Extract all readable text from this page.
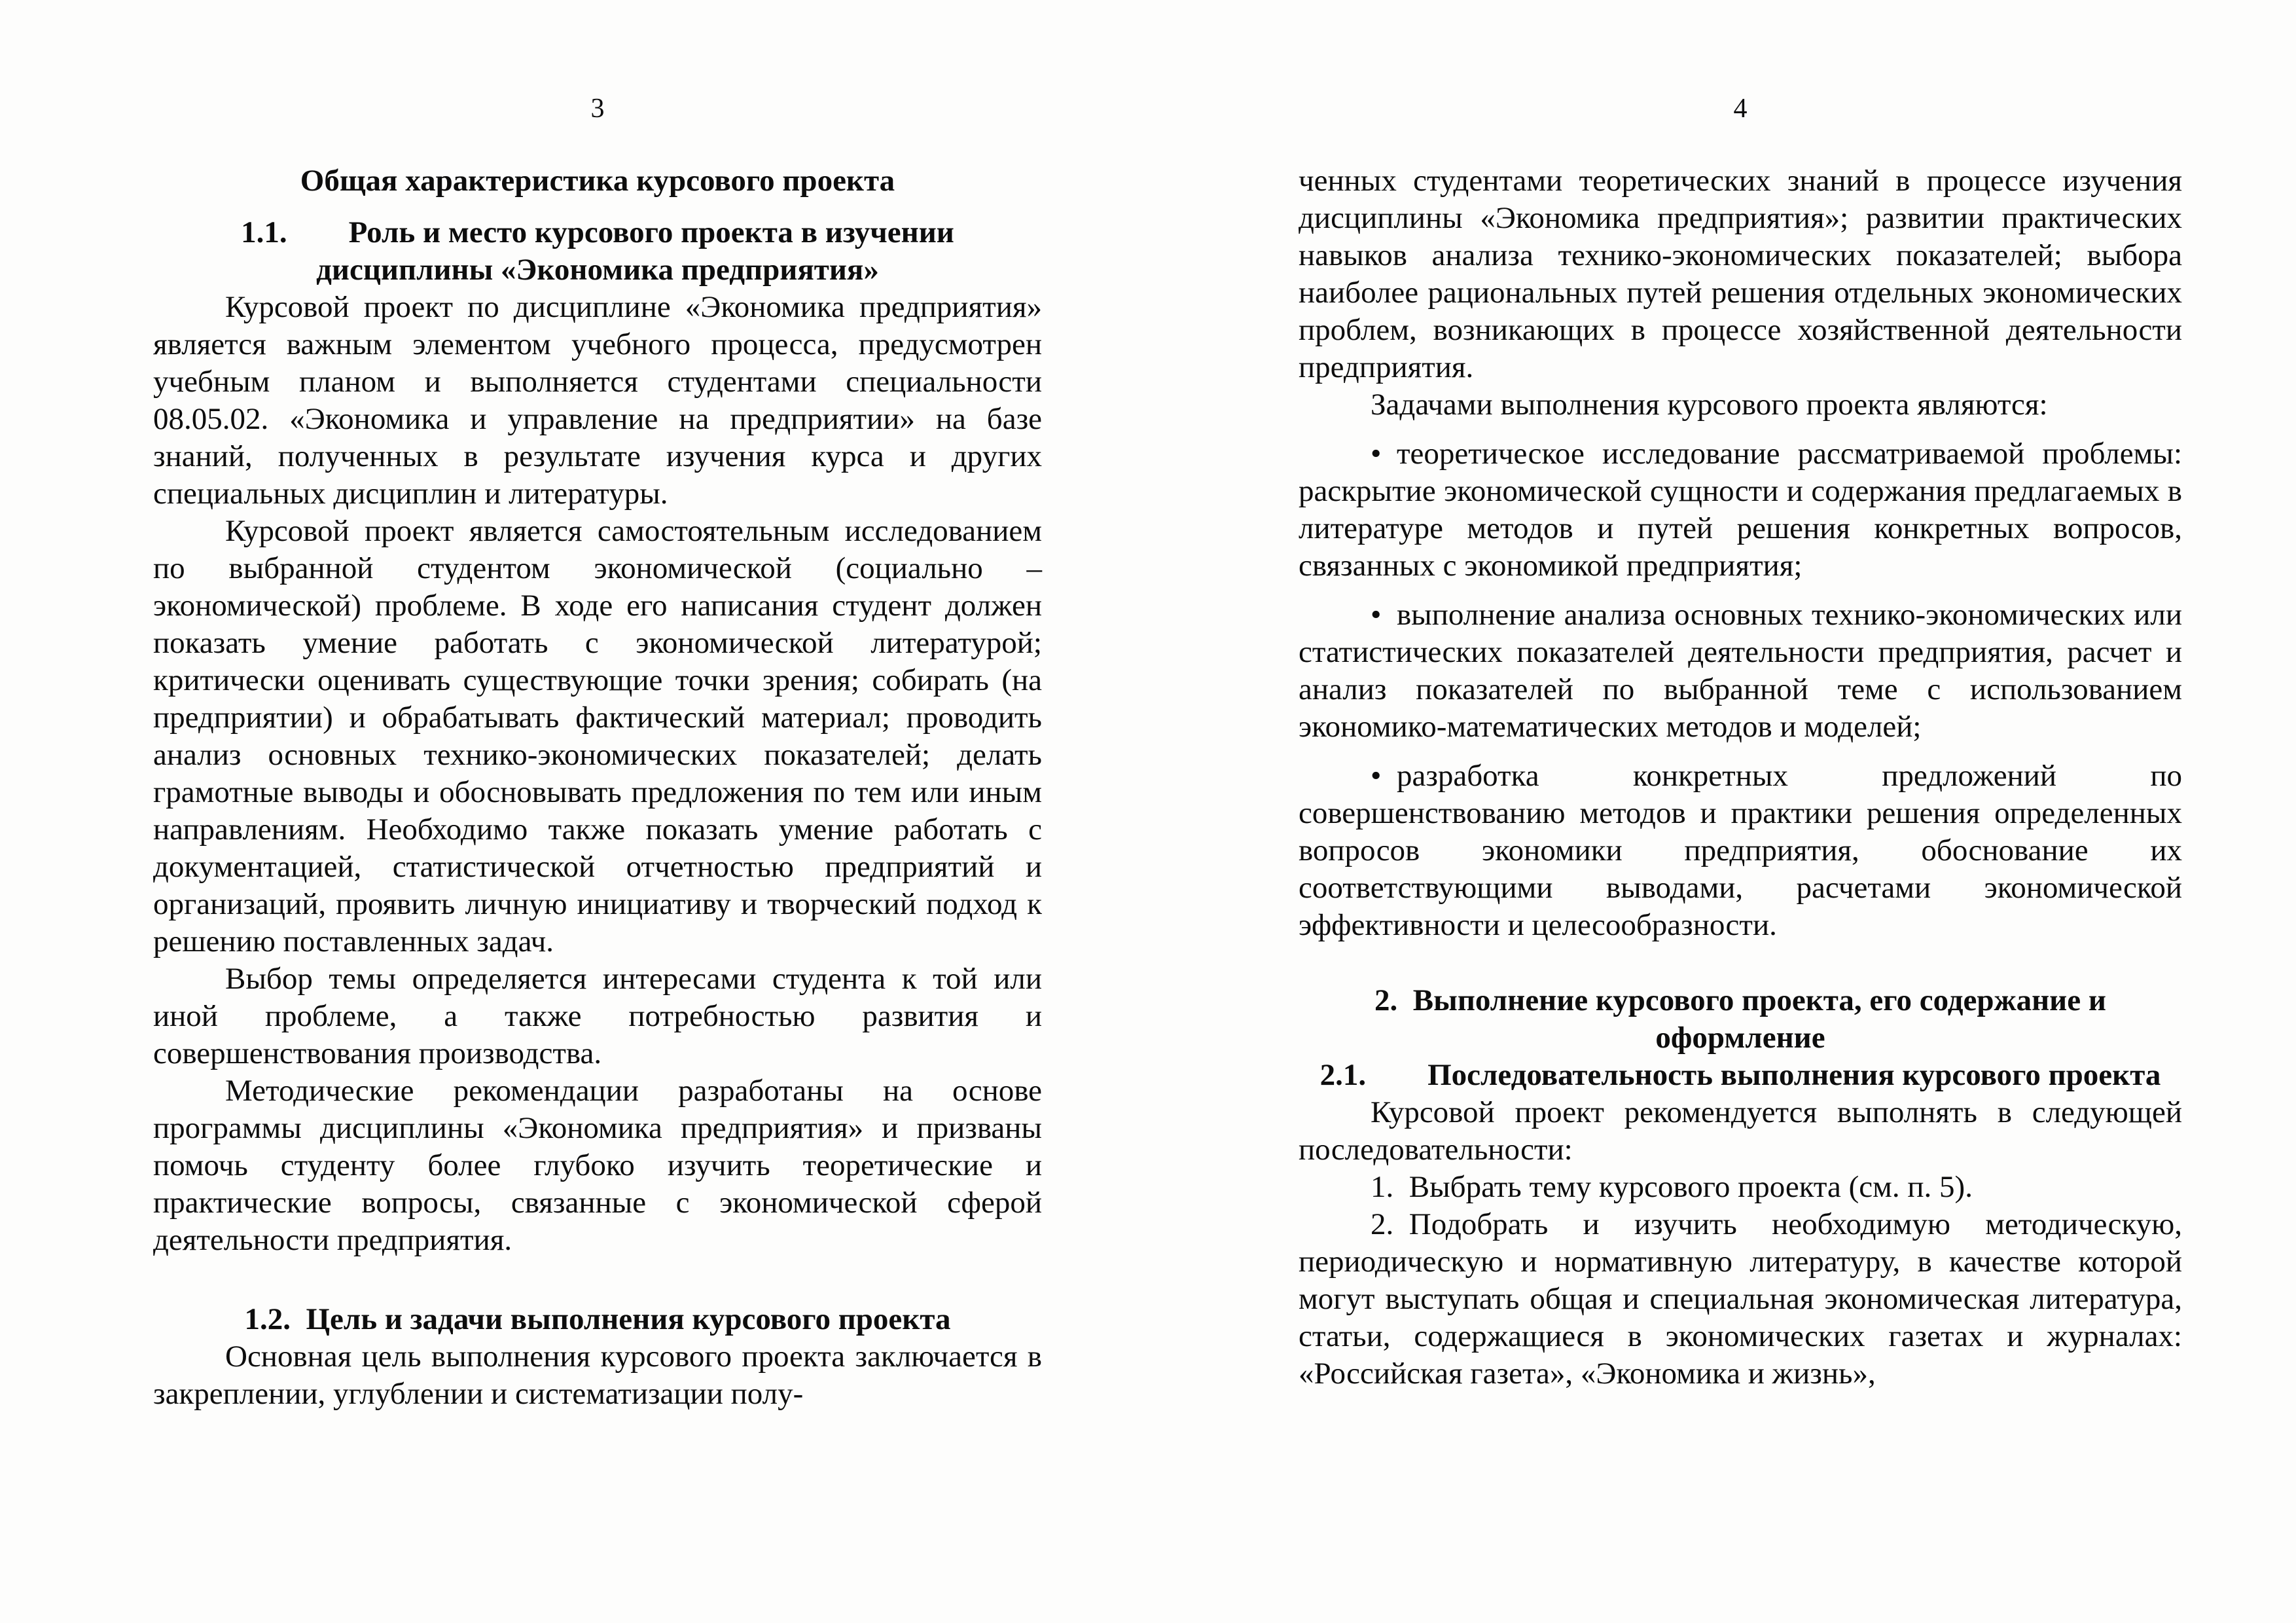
3
Общая характеристика курсового проекта
1.1.  Роль и место курсового проекта в изучении дисциплины «Экономика предприятия»

Курсовой проект по дисциплине «Экономика предприятия» является важным элементом учебного процесса, предусмотрен учебным планом и выполняется студентами специальности 08.05.02. «Экономика и управление на предприятии» на базе знаний, полученных в результате изучения курса и других специальных дисциплин и литературы.

Курсовой проект является самостоятельным исследованием по выбранной студентом экономической (социально – экономической) проблеме. В ходе его написания студент должен показать умение работать с экономической литературой; критически оценивать существующие точки зрения; собирать (на предприятии) и обрабатывать фактический материал; проводить анализ основных технико-экономических показателей; делать грамотные выводы и обосновывать предложения по тем или иным направлениям. Необходимо также показать умение работать с документацией, статистической отчетностью предприятий и организаций, проявить личную инициативу и творческий подход к решению поставленных задач.

Выбор темы определяется интересами студента к той или иной проблеме, а также потребностью развития и совершенствования производства.

Методические рекомендации разработаны на основе программы дисциплины «Экономика предприятия» и призваны помочь студенту более глубоко изучить теоретические и практические вопросы, связанные с экономической сферой деятельности предприятия.

1.2. Цель и задачи выполнения курсового проекта

Основная цель выполнения курсового проекта заключается в закреплении, углублении и систематизации полу-

4

ченных студентами теоретических знаний в процессе изучения дисциплины «Экономика предприятия»; развитии практических навыков анализа технико-экономических показателей; выбора наиболее рациональных путей решения отдельных экономических проблем, возникающих в процессе хозяйственной деятельности предприятия.

Задачами выполнения курсового проекта являются:

• теоретическое исследование рассматриваемой проблемы: раскрытие экономической сущности и содержания предлагаемых в литературе методов и путей решения конкретных вопросов, связанных с экономикой предприятия;

• выполнение анализа основных технико-экономических или статистических показателей деятельности предприятия, расчет и анализ показателей по выбранной теме с использованием экономико-математических методов и моделей;

• разработка конкретных предложений по совершенствованию методов и практики решения определенных вопросов экономики предприятия, обоснование их соответствующими выводами, расчетами экономической эффективности и целесообразности.

2. Выполнение курсового проекта, его содержание и оформление
2.1.  Последовательность выполнения курсового проекта

Курсовой проект рекомендуется выполнять в следующей последовательности:

1. Выбрать тему курсового проекта (см. п. 5).

2. Подобрать и изучить необходимую методическую, периодическую и нормативную литературу, в качестве которой могут выступать общая и специальная экономическая литература, статьи, содержащиеся в экономических газетах и журналах: «Российская газета», «Экономика и жизнь»,
